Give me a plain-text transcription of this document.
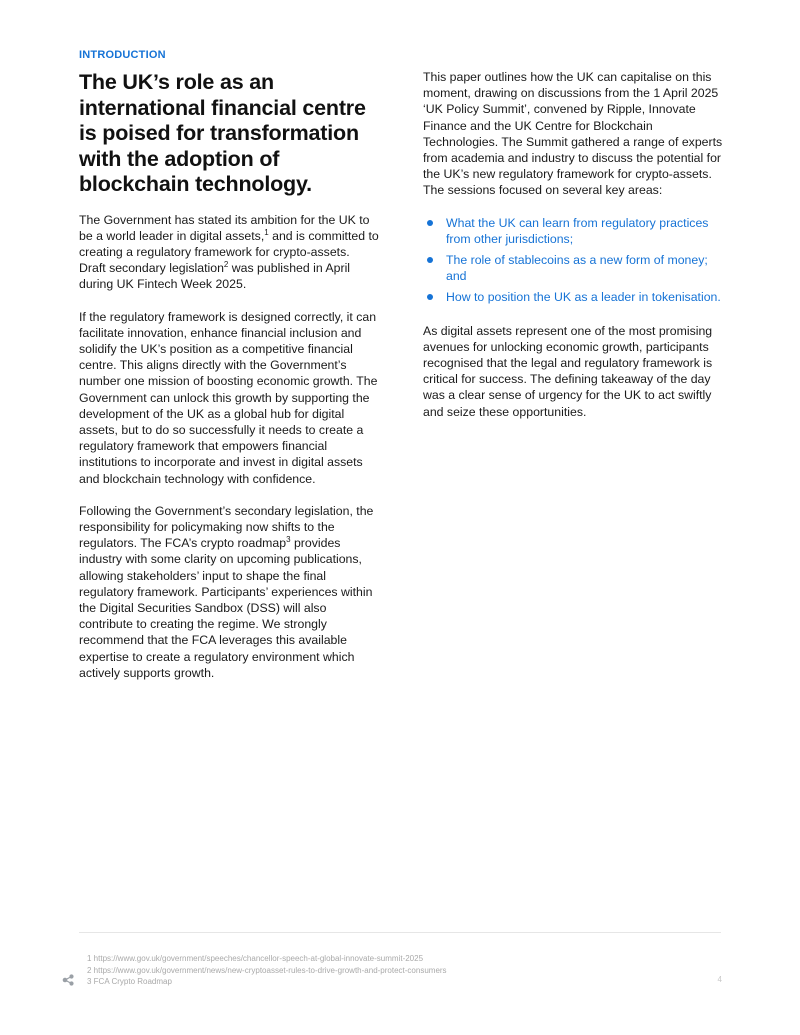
INTRODUCTION
The UK’s role as an international financial centre is poised for transformation with the adoption of blockchain technology.

The Government has stated its ambition for the UK to be a world leader in digital assets,$^1$ and is committed to creating a regulatory framework for crypto-assets. Draft secondary legislation$^2$ was published in April during UK Fintech Week 2025.

If the regulatory framework is designed correctly, it can facilitate innovation, enhance financial inclusion and solidify the UK’s position as a competitive financial centre. This aligns directly with the Government’s number one mission of boosting economic growth. The Government can unlock this growth by supporting the development of the UK as a global hub for digital assets, but to do so successfully it needs to create a regulatory framework that empowers financial institutions to incorporate and invest in digital assets and blockchain technology with confidence.

Following the Government’s secondary legislation, the responsibility for policymaking now shifts to the regulators. The FCA’s crypto roadmap$^3$ provides industry with some clarity on upcoming publications, allowing stakeholders’ input to shape the final regulatory framework. Participants’ experiences within the Digital Securities Sandbox (DSS) will also contribute to creating the regime. We strongly recommend that the FCA leverages this available expertise to create a regulatory environment which actively supports growth.

This paper outlines how the UK can capitalise on this moment, drawing on discussions from the 1 April 2025 ‘UK Policy Summit’, convened by Ripple, Innovate Finance and the UK Centre for Blockchain Technologies. The Summit gathered a range of experts from academia and industry to discuss the potential for the UK’s new regulatory framework for crypto-assets. The sessions focused on several key areas:

What the UK can learn from regulatory practices from other jurisdictions;
The role of stablecoins as a new form of money; and
How to position the UK as a leader in tokenisation.

As digital assets represent one of the most promising avenues for unlocking economic growth, participants recognised that the legal and regulatory framework is critical for success. The defining takeaway of the day was a clear sense of urgency for the UK to act swiftly and seize these opportunities.

1 https://www.gov.uk/government/speeches/chancellor-speech-at-global-innovate-summit-2025
2 https://www.gov.uk/government/news/new-cryptoasset-rules-to-drive-growth-and-protect-consumers
3 FCA Crypto Roadmap	4
